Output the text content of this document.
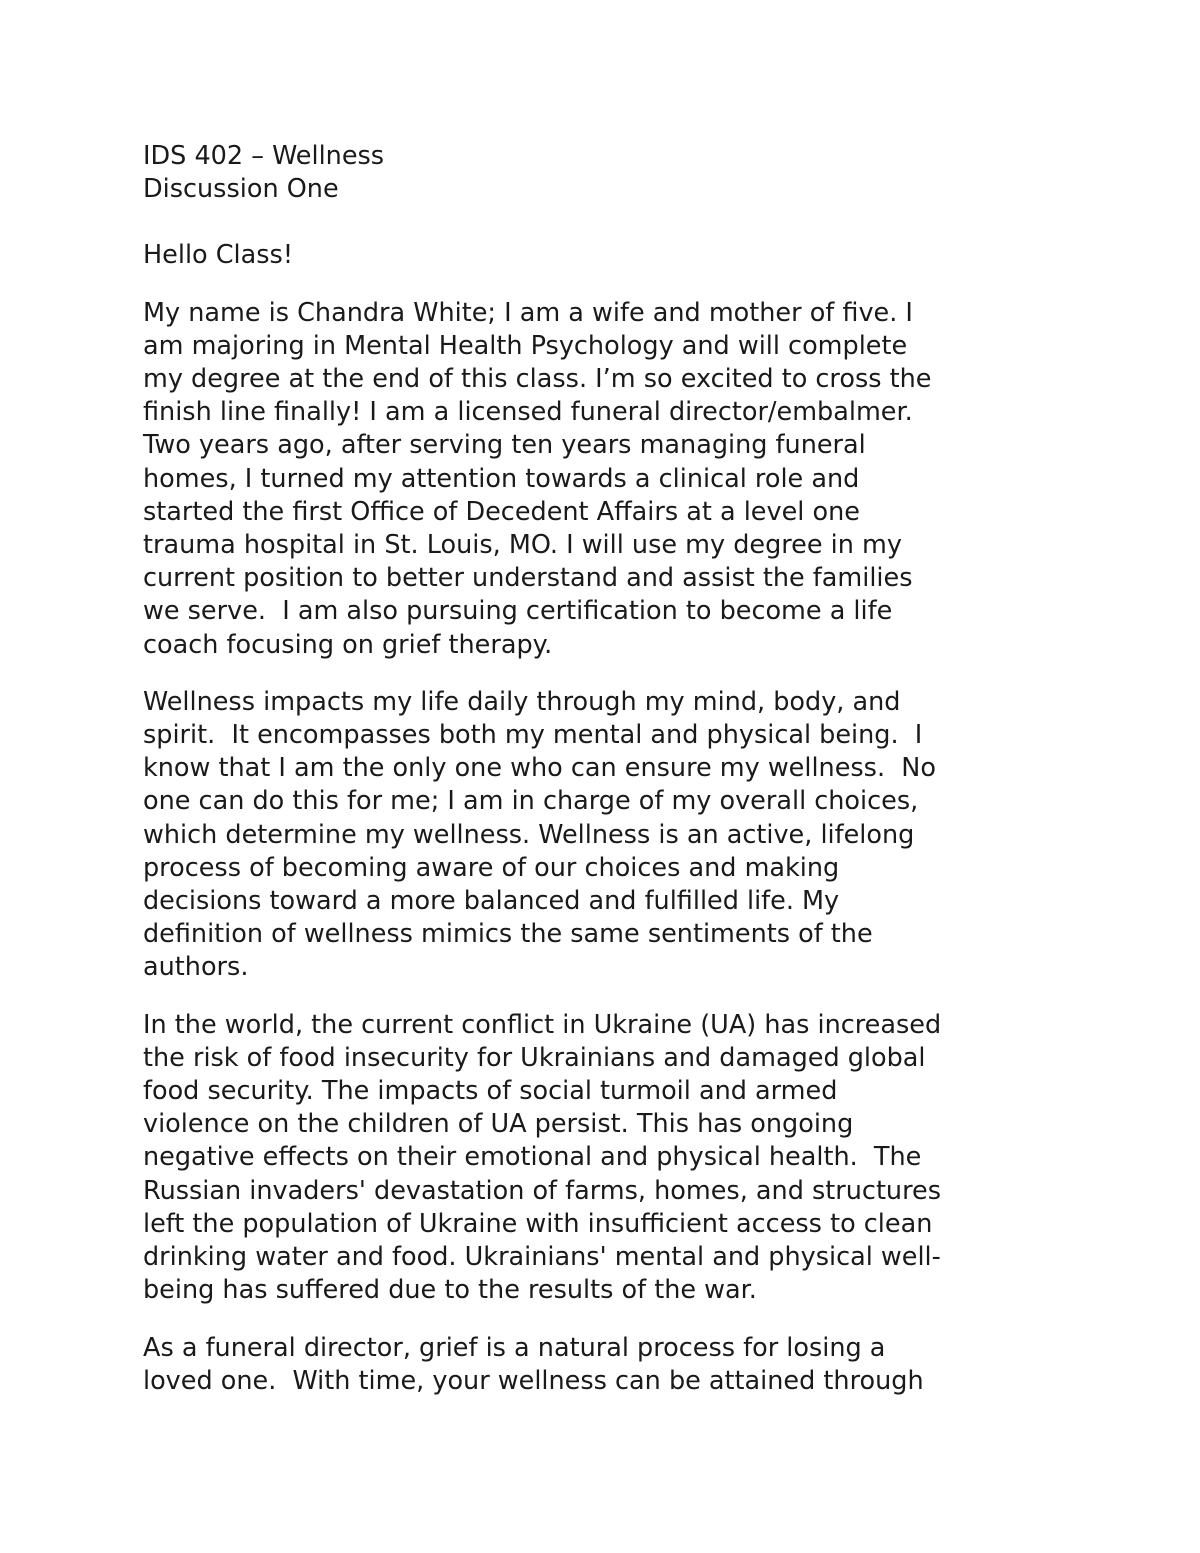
IDS 402 – Wellness
Discussion One
Hello Class!
My name is Chandra White; I am a wife and mother of five. I
am majoring in Mental Health Psychology and will complete
my degree at the end of this class. I’m so excited to cross the
finish line finally! I am a licensed funeral director/embalmer.
Two years ago, after serving ten years managing funeral
homes, I turned my attention towards a clinical role and
started the first Office of Decedent Affairs at a level one
trauma hospital in St. Louis, MO. I will use my degree in my
current position to better understand and assist the families
we serve.  I am also pursuing certification to become a life
coach focusing on grief therapy.
Wellness impacts my life daily through my mind, body, and
spirit.  It encompasses both my mental and physical being.  I
know that I am the only one who can ensure my wellness.  No
one can do this for me; I am in charge of my overall choices,
which determine my wellness. Wellness is an active, lifelong
process of becoming aware of our choices and making
decisions toward a more balanced and fulfilled life. My
definition of wellness mimics the same sentiments of the
authors.
In the world, the current conflict in Ukraine (UA) has increased
the risk of food insecurity for Ukrainians and damaged global
food security. The impacts of social turmoil and armed
violence on the children of UA persist. This has ongoing
negative effects on their emotional and physical health.  The
Russian invaders' devastation of farms, homes, and structures
left the population of Ukraine with insufficient access to clean
drinking water and food. Ukrainians' mental and physical well-
being has suffered due to the results of the war.
As a funeral director, grief is a natural process for losing a
loved one.  With time, your wellness can be attained through
